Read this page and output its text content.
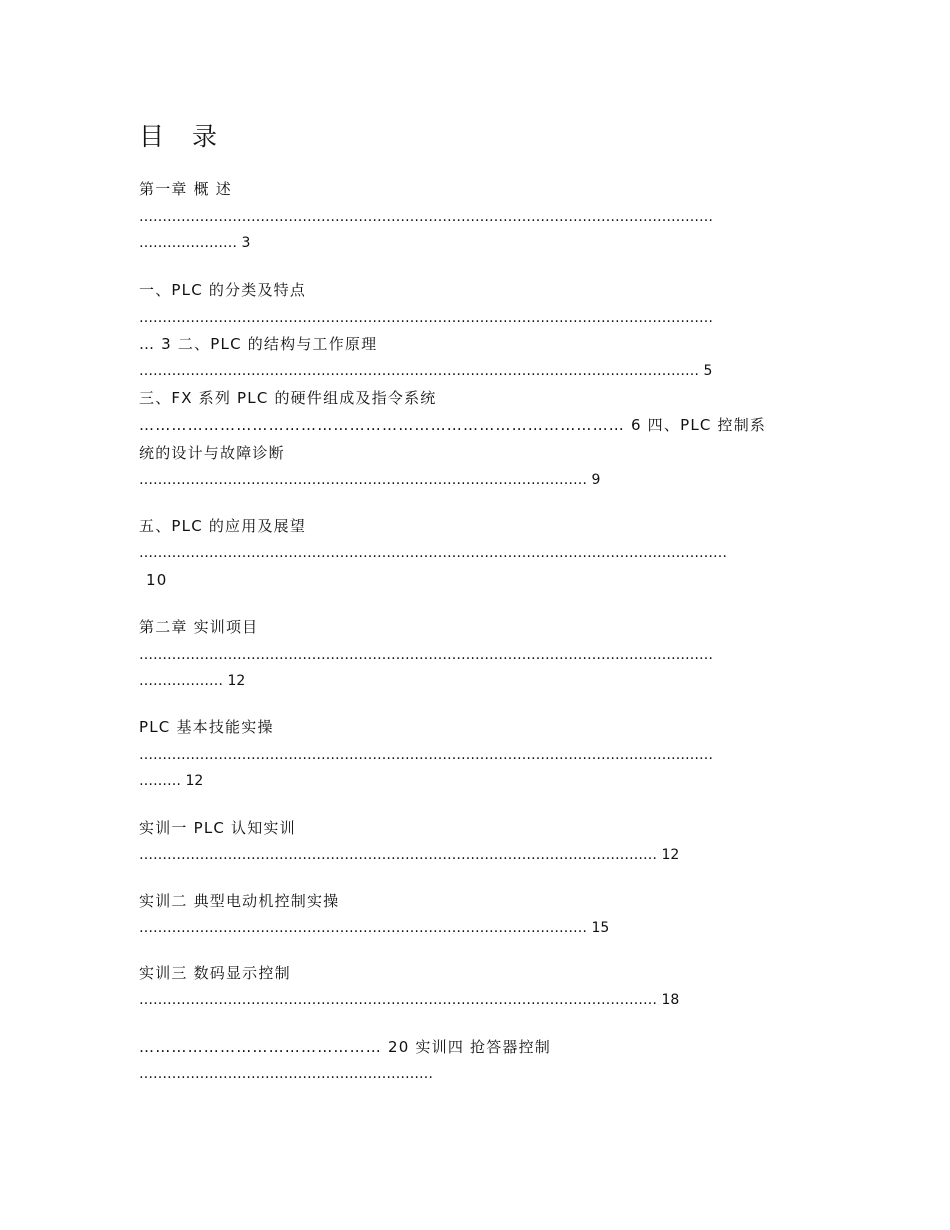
目 录
第一章 概 述
……………………………………………………………………………………………………………
………………… 3
一、PLC 的分类及特点
……………………………………………………………………………………………………………
… 3 二、PLC 的结构与工作原理
………………………………………………………………………………………………………… 5
三、FX 系列 PLC 的硬件组成及指令系统
……………………………………………………………………………… 6 四、PLC 控制系
统的设计与故障诊断
…………………………………………………………………………………… 9
五、PLC 的应用及展望
………………………………………………………………………………………………………………
10
第二章 实训项目
……………………………………………………………………………………………………………
……………… 12
PLC 基本技能实操
……………………………………………………………………………………………………………
……… 12
实训一 PLC 认知实训
………………………………………………………………………………………………… 12
实训二 典型电动机控制实操
…………………………………………………………………………………… 15
实训三 数码显示控制
………………………………………………………………………………………………… 18
……………………………………… 20 实训四 抢答器控制
………………………………………………………
